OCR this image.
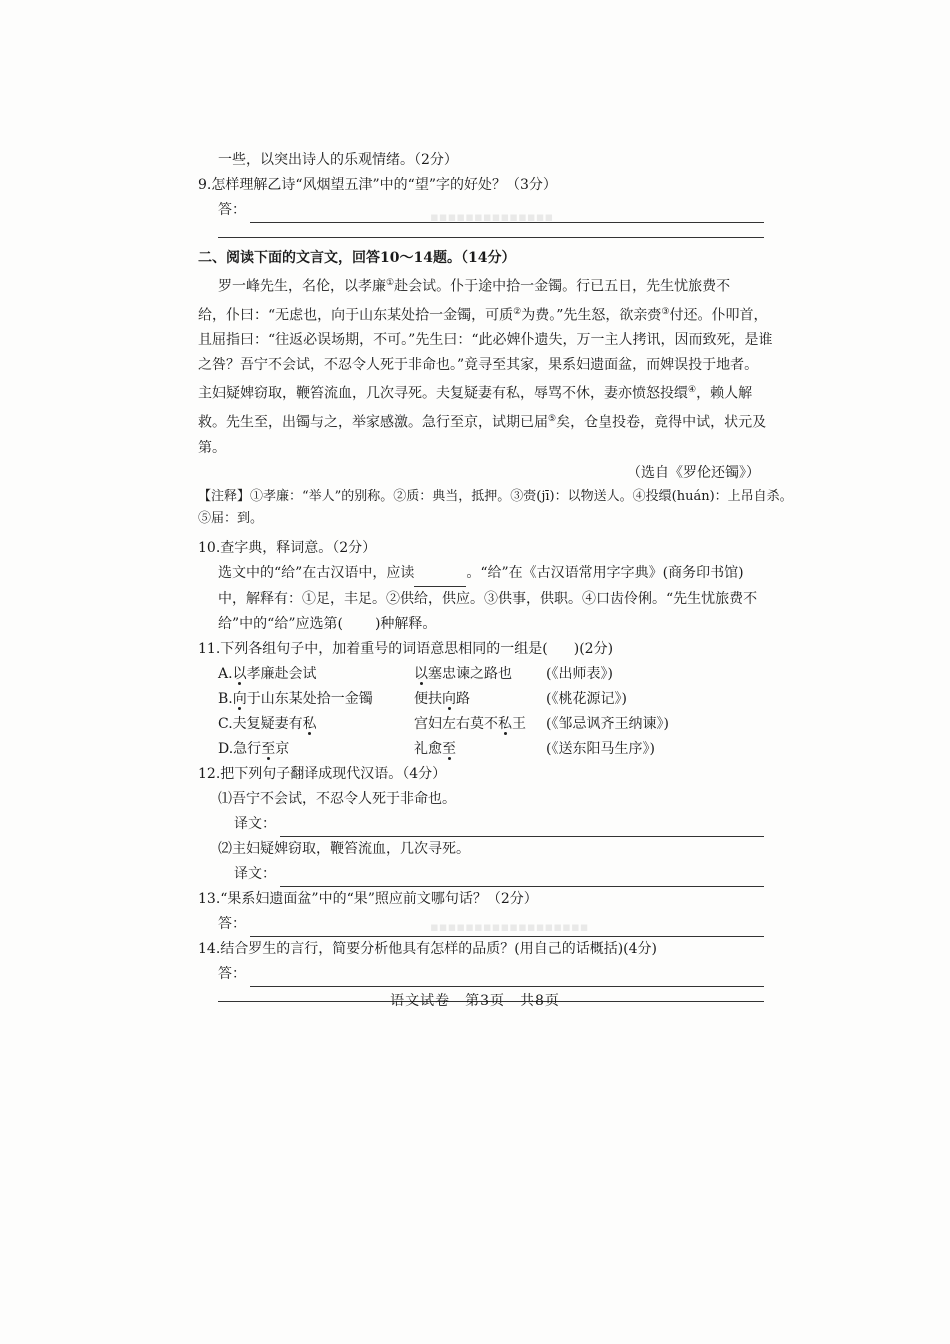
▪▪▪▪▪▪▪▪▪▪▪▪▪▪
▪▪▪▪▪▪▪▪▪▪▪▪▪▪▪▪▪▪
一些，以突出诗人的乐观情绪。（2分）
9.怎样理解乙诗“风烟望五津”中的“望”字的好处？（3分）
答：
二、阅读下面的文言文，回答10～14题。（14分）
罗一峰先生，名伦，以孝廉①赴会试。仆于途中拾一金镯。行已五日，先生忧旅费不
给，仆曰：“无虑也，向于山东某处拾一金镯，可质②为费。”先生怒，欲亲赍③付还。仆叩首，
且屈指曰：“往返必误场期，不可。”先生曰：“此必婢仆遗失，万一主人拷讯，因而致死，是谁
之咎？吾宁不会试，不忍令人死于非命也。”竟寻至其家，果系妇遗面盆，而婢误投于地者。
主妇疑婢窃取，鞭笞流血，几次寻死。夫复疑妻有私，辱骂不休，妻亦愤怒投缳④，赖人解
救。先生至，出镯与之，举家感激。急行至京，试期已届⑤矣，仓皇投卷，竟得中试，状元及
第。
（选自《罗伦还镯》）
【注释】①孝廉：“举人”的别称。②质：典当，抵押。③赍(jī)：以物送人。④投缳(huán)：上吊自杀。
⑤届：到。
10.查字典，释词意。（2分）
选文中的“给”在古汉语中，应读	。“给”在《古汉语常用字字典》(商务印书馆)
中，解释有：①足，丰足。②供给，供应。③供事，供职。④口齿伶俐。“先生忧旅费不
给”中的“给”应选第( )种解释。
11.下列各组句子中，加着重号的词语意思相同的一组是( )(2分)
A.以孝廉赴会试	以塞忠谏之路也	(《出师表》)
B.向于山东某处拾一金镯	便扶向路	(《桃花源记》)
C.夫复疑妻有私	宫妇左右莫不私王	(《邹忌讽齐王纳谏》)
D.急行至京	礼愈至	(《送东阳马生序》)
12.把下列句子翻译成现代汉语。（4分）
⑴吾宁不会试，不忍令人死于非命也。
译文：
⑵主妇疑婢窃取，鞭笞流血，几次寻死。
译文：
13.“果系妇遗面盆”中的“果”照应前文哪句话？（2分）
答：
14.结合罗生的言行，简要分析他具有怎样的品质？(用自己的话概括)(4分)
答：
语文试卷　第3页　共8页
